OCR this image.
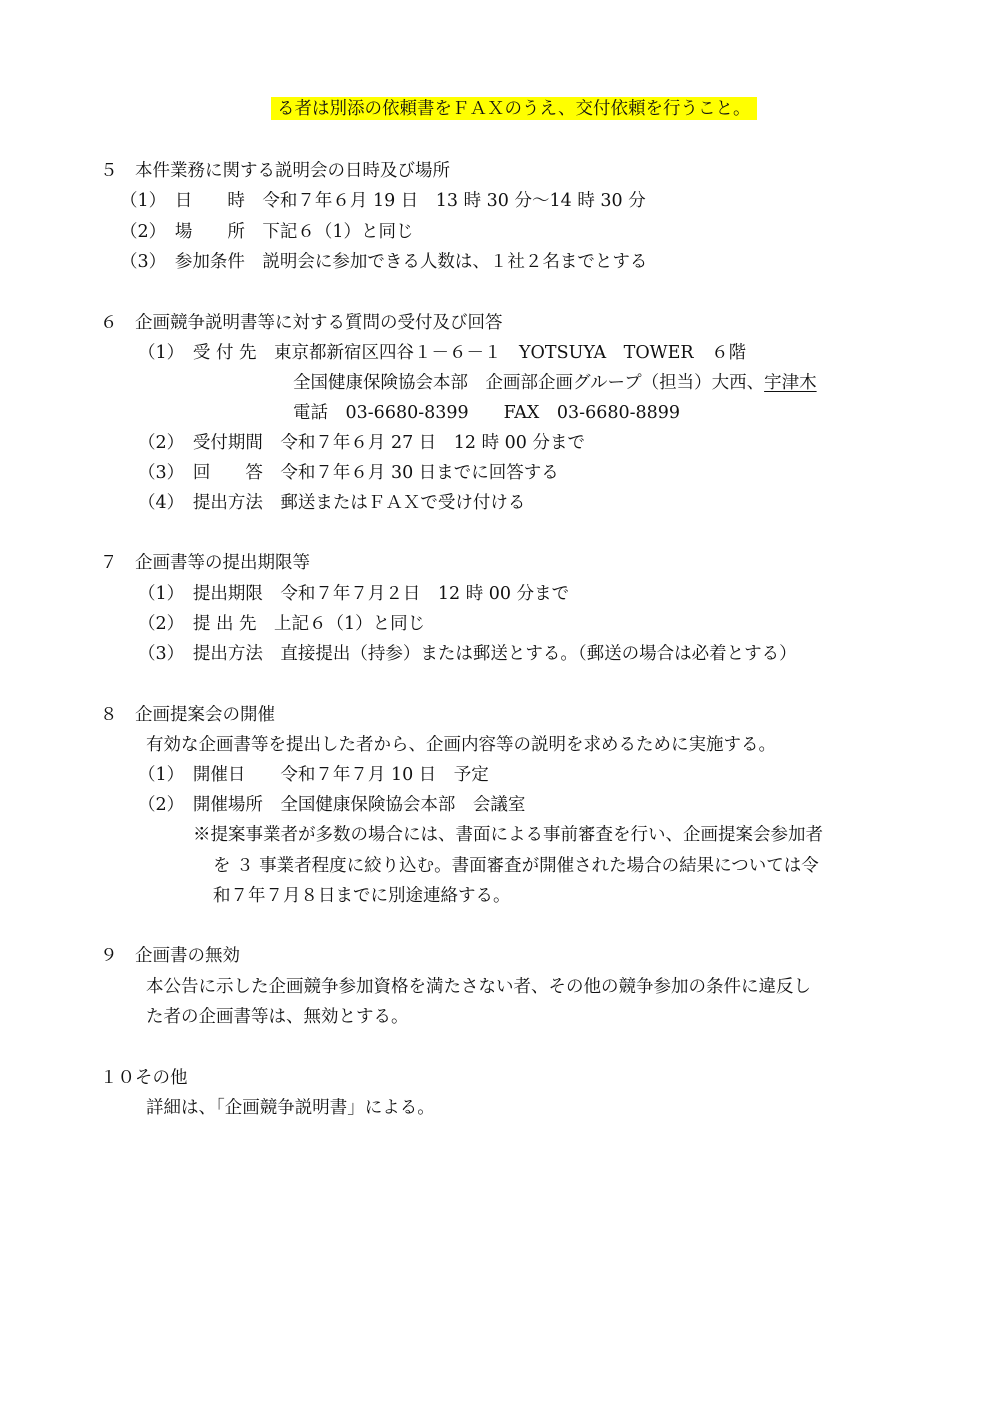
る者は別添の依頼書をＦＡＸのうえ、交付依頼を行うこと。
５　本件業務に関する説明会の日時及び場所
（1）　日　　時　令和７年６月 19 日　13 時 30 分～14 時 30 分
（2）　場　　所　下記６（1）と同じ
（3）　参加条件　説明会に参加できる人数は、１社２名までとする
６　企画競争説明書等に対する質問の受付及び回答
（1）　受 付 先　東京都新宿区四谷１－６－１　YOTSUYA　TOWER　６階
全国健康保険協会本部　企画部企画グループ（担当）大西、宇津木
電話　03-6680-8399　　FAX　03-6680-8899
（2）　受付期間　令和７年６月 27 日　12 時 00 分まで
（3）　回　　答　令和７年６月 30 日までに回答する
（4）　提出方法　郵送またはＦＡＸで受け付ける
７　企画書等の提出期限等
（1）　提出期限　令和７年７月２日　12 時 00 分まで
（2）　提 出 先　上記６（1）と同じ
（3）　提出方法　直接提出（持参）または郵送とする。（郵送の場合は必着とする）
８　企画提案会の開催
有効な企画書等を提出した者から、企画内容等の説明を求めるために実施する。
（1）　開催日　　令和７年７月 10 日　予定
（2）　開催場所　全国健康保険協会本部　会議室
※提案事業者が多数の場合には、書面による事前審査を行い、企画提案会参加者
を ３ 事業者程度に絞り込む。書面審査が開催された場合の結果については令
和７年７月８日までに別途連絡する。
９　企画書の無効
本公告に示した企画競争参加資格を満たさない者、その他の競争参加の条件に違反し
た者の企画書等は、無効とする。
１０その他
詳細は、「企画競争説明書」による。
